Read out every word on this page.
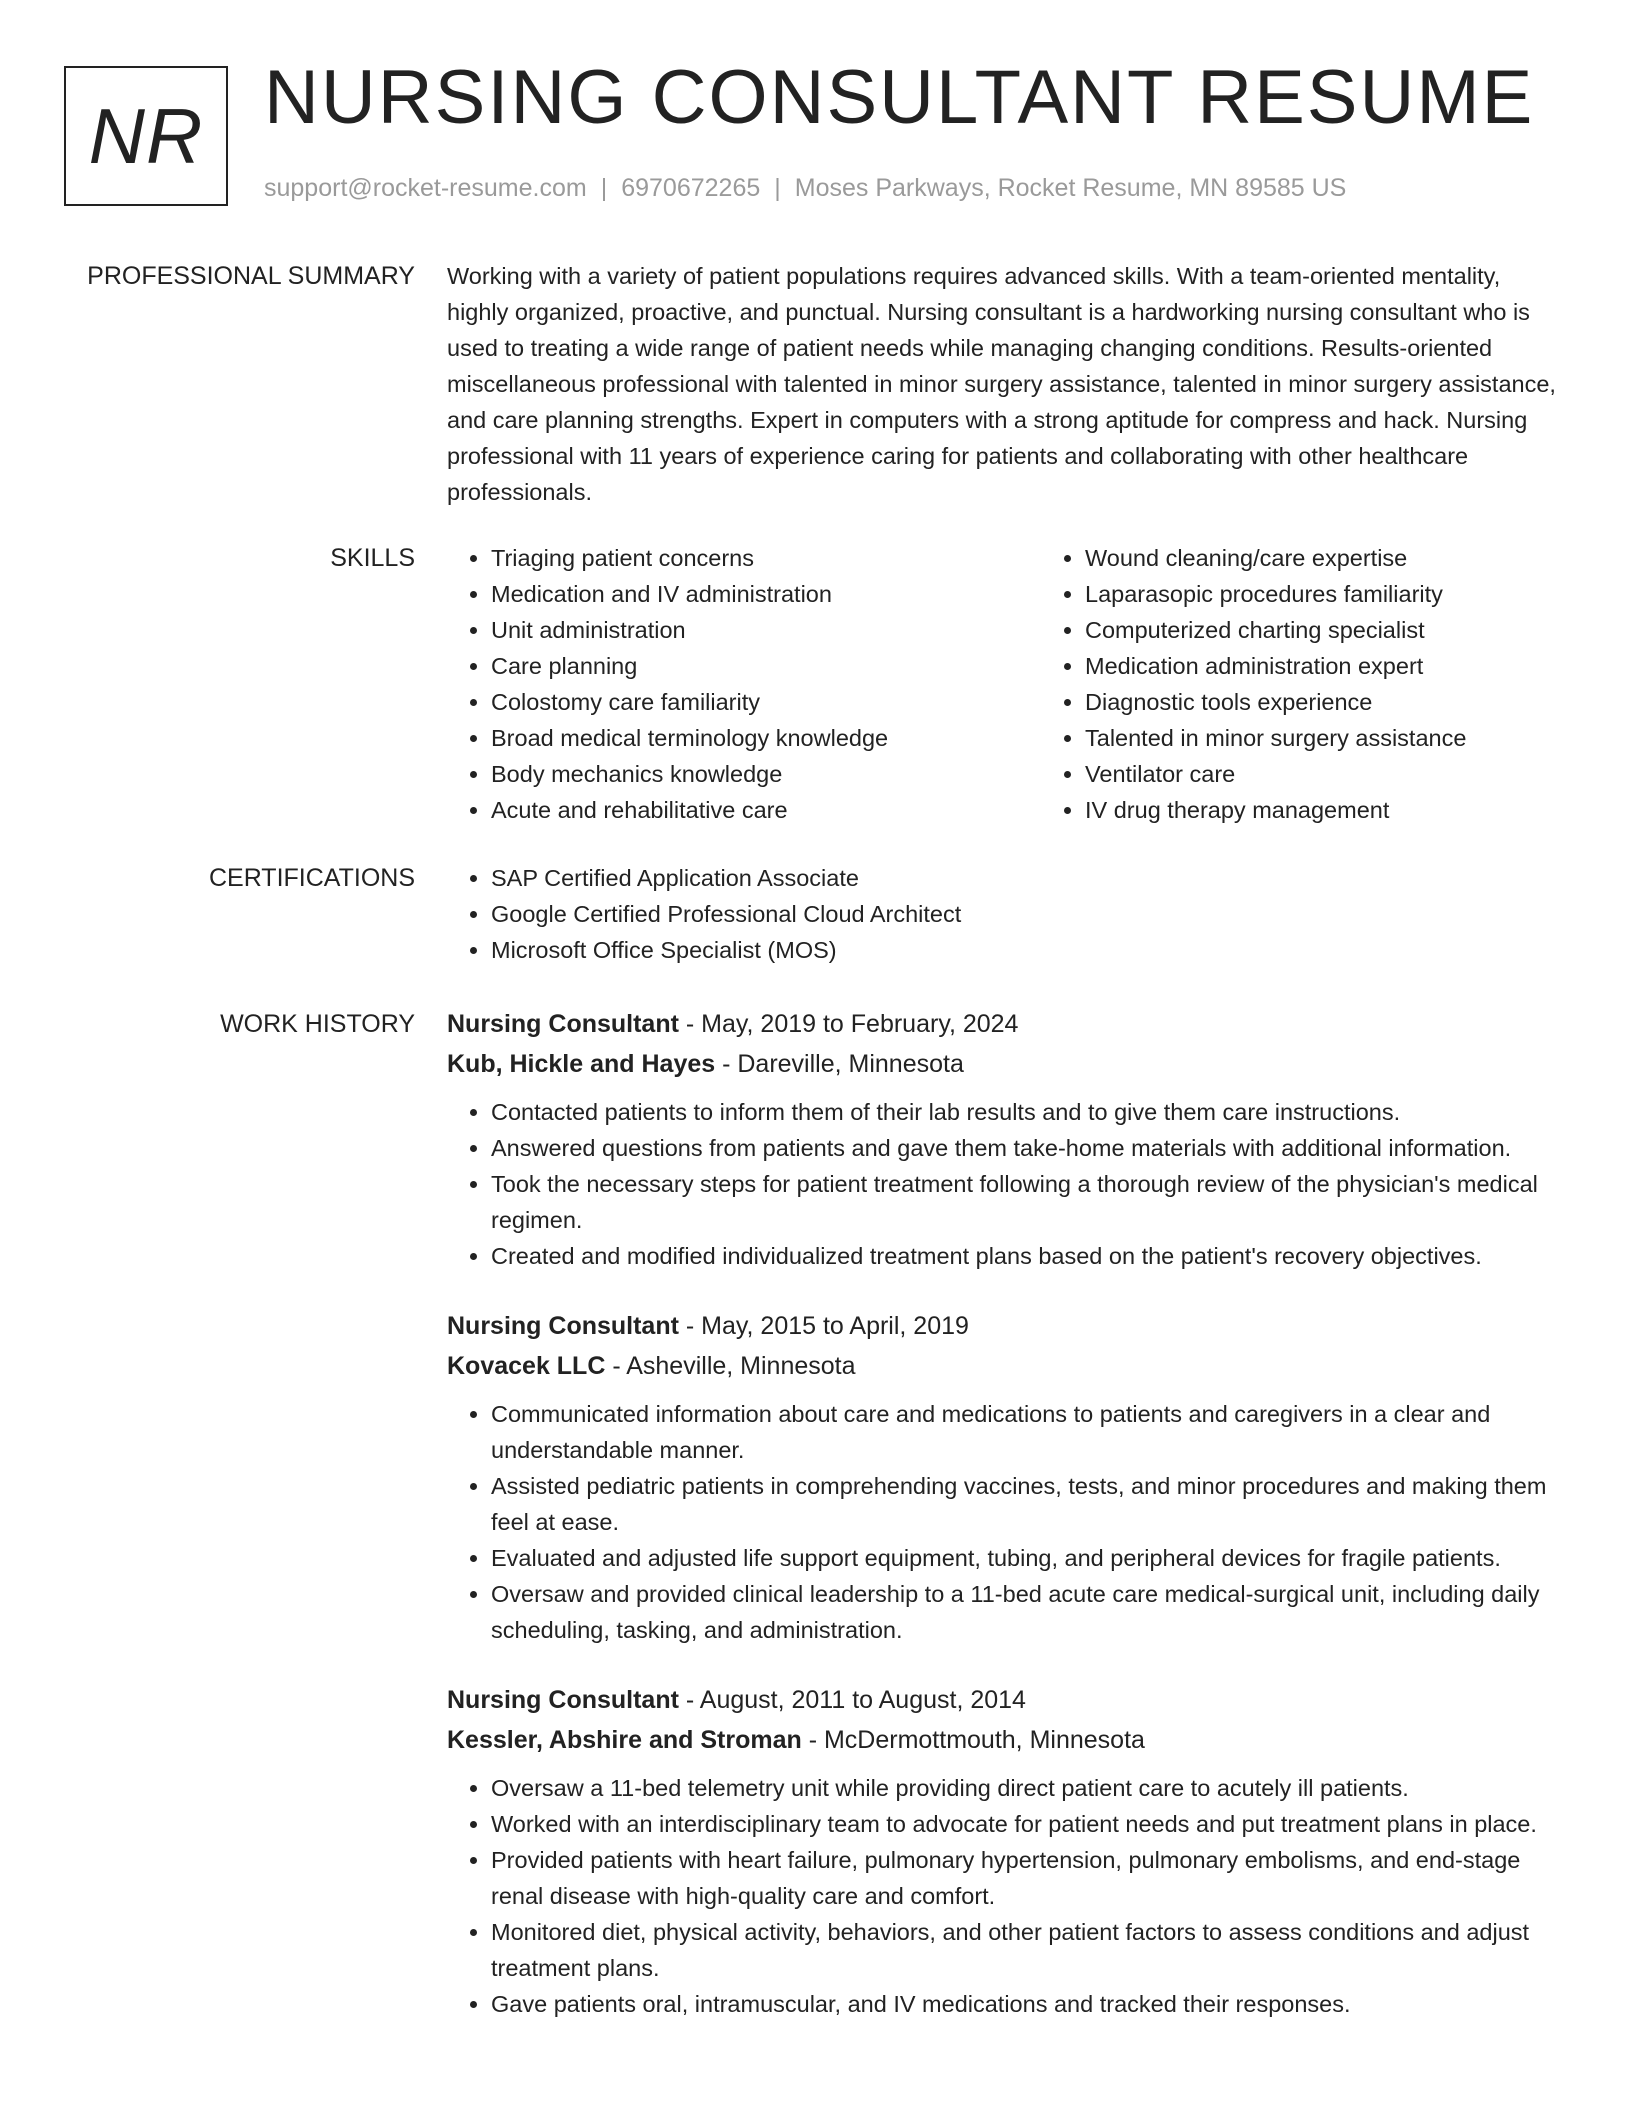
NR NURSING CONSULTANT RESUME
support@rocket-resume.com | 6970672265 | Moses Parkways, Rocket Resume, MN 89585 US
PROFESSIONAL SUMMARY Working with a variety of patient populations requires advanced skills. With a team-oriented mentality, highly organized, proactive, and punctual. Nursing consultant is a hardworking nursing consultant who is used to treating a wide range of patient needs while managing changing conditions. Results-oriented miscellaneous professional with talented in minor surgery assistance, talented in minor surgery assistance, and care planning strengths. Expert in computers with a strong aptitude for compress and hack. Nursing professional with 11 years of experience caring for patients and collaborating with other healthcare professionals.
SKILLS	• Triaging patient concerns
• Medication and IV administration
• Unit administration
• Care planning
• Colostomy care familiarity
• Broad medical terminology knowledge
• Body mechanics knowledge
• Acute and rehabilitative care
• Wound cleaning/care expertise
• Laparasopic procedures familiarity
• Computerized charting specialist
• Medication administration expert
• Diagnostic tools experience
• Talented in minor surgery assistance
• Ventilator care
• IV drug therapy management
CERTIFICATIONS	• SAP Certified Application Associate
• Google Certified Professional Cloud Architect
• Microsoft Office Specialist (MOS)
WORK HISTORY Nursing Consultant - May, 2019 to February, 2024
Kub, Hickle and Hayes - Dareville, Minnesota
• Contacted patients to inform them of their lab results and to give them care instructions.
• Answered questions from patients and gave them take-home materials with additional information.
• Took the necessary steps for patient treatment following a thorough review of the physician's medical regimen.
• Created and modified individualized treatment plans based on the patient's recovery objectives.
Nursing Consultant - May, 2015 to April, 2019
Kovacek LLC - Asheville, Minnesota
• Communicated information about care and medications to patients and caregivers in a clear and understandable manner.
• Assisted pediatric patients in comprehending vaccines, tests, and minor procedures and making them feel at ease.
• Evaluated and adjusted life support equipment, tubing, and peripheral devices for fragile patients.
• Oversaw and provided clinical leadership to a 11-bed acute care medical-surgical unit, including daily scheduling, tasking, and administration.
Nursing Consultant - August, 2011 to August, 2014
Kessler, Abshire and Stroman - McDermottmouth, Minnesota
• Oversaw a 11-bed telemetry unit while providing direct patient care to acutely ill patients.
• Worked with an interdisciplinary team to advocate for patient needs and put treatment plans in place.
• Provided patients with heart failure, pulmonary hypertension, pulmonary embolisms, and end-stage renal disease with high-quality care and comfort.
• Monitored diet, physical activity, behaviors, and other patient factors to assess conditions and adjust treatment plans.
• Gave patients oral, intramuscular, and IV medications and tracked their responses.
